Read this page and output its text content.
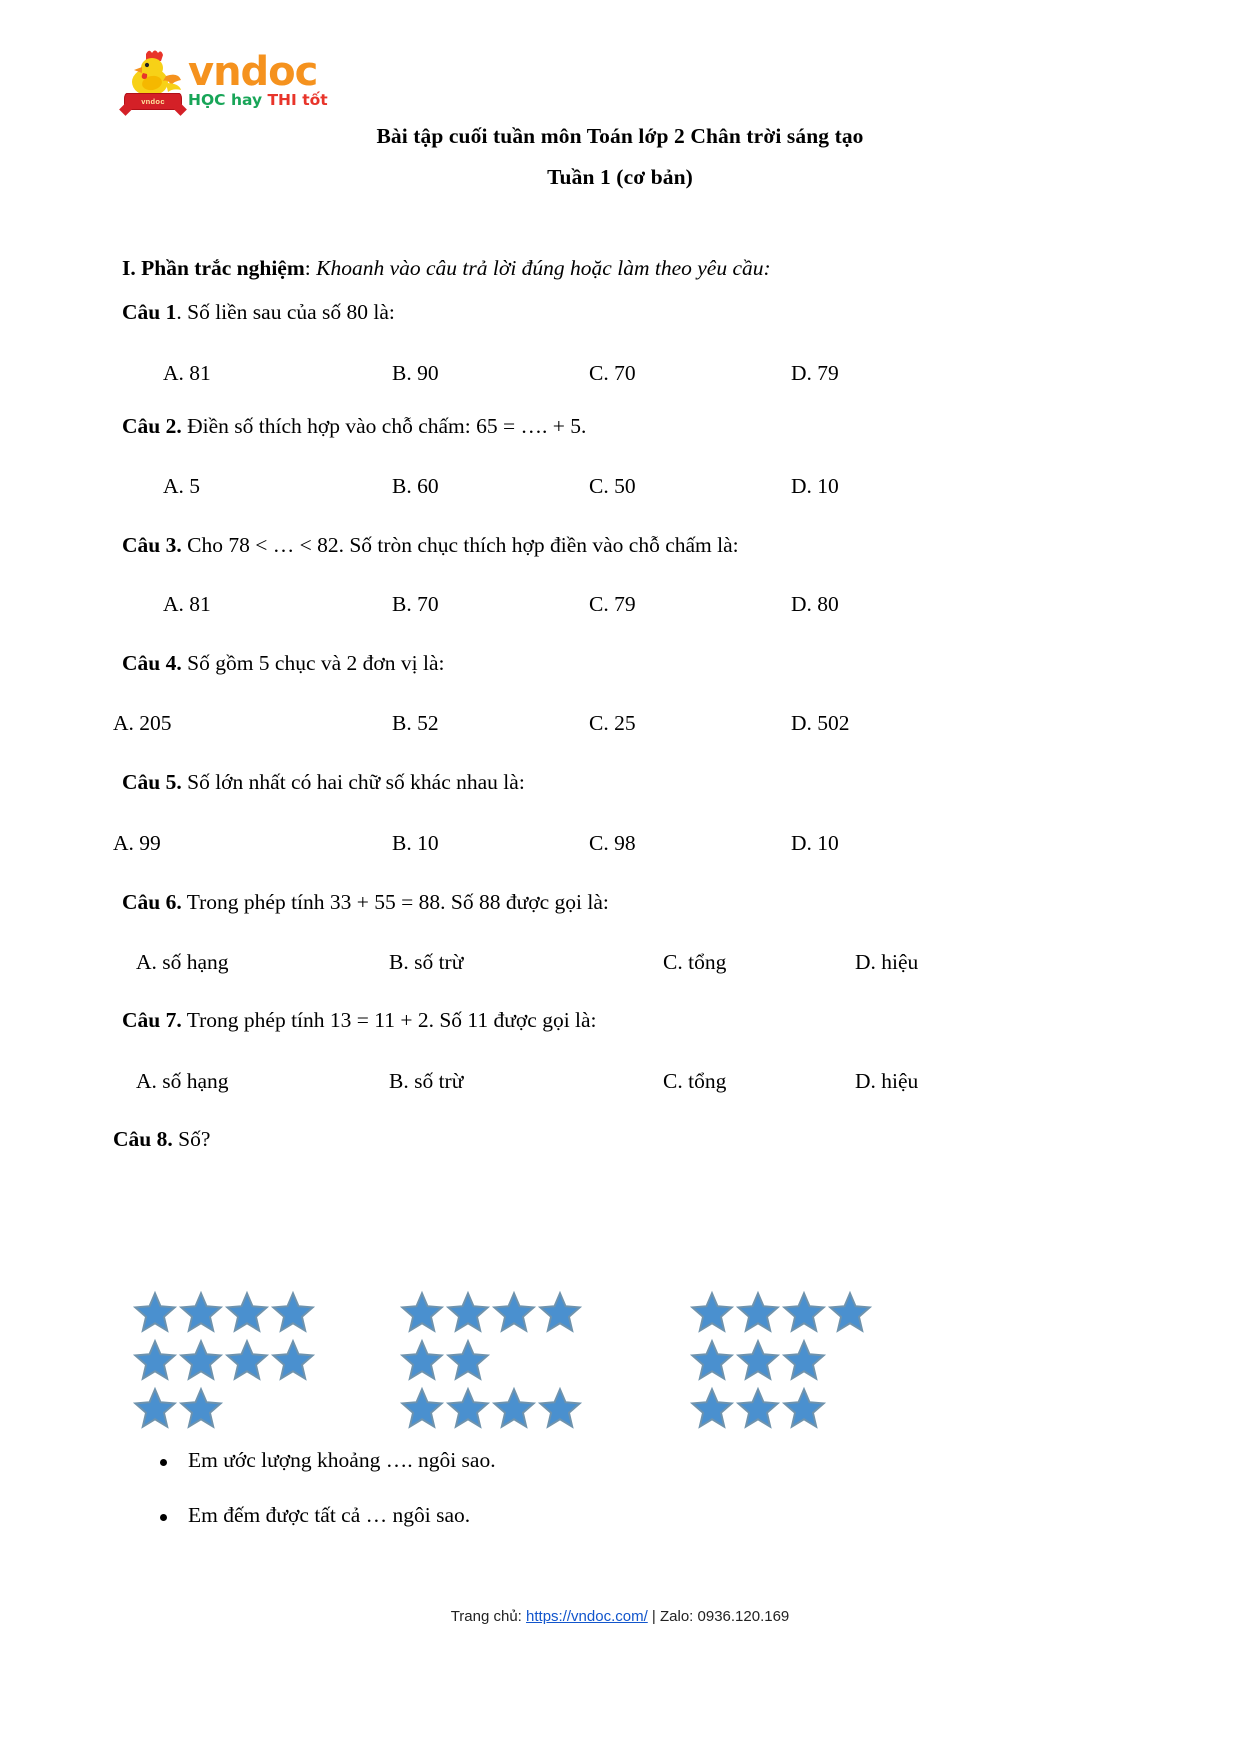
vndoc
vndoc
HỌC hay THI tốt
Bài tập cuối tuần môn Toán lớp 2 Chân trời sáng tạo
Tuần 1 (cơ bản)
I. Phần trắc nghiệm: Khoanh vào câu trả lời đúng hoặc làm theo yêu cầu:
Câu 1. Số liền sau của số 80 là:
A. 81	B. 90	C. 70	D. 79
Câu 2. Điền số thích hợp vào chỗ chấm: 65 = …. + 5.
A. 5	B. 60	C. 50	D. 10
Câu 3. Cho 78 < … < 82. Số tròn chục thích hợp điền vào chỗ chấm là:
A. 81	B. 70	C. 79	D. 80
Câu 4. Số gồm 5 chục và 2 đơn vị là:
A. 205	B. 52	C. 25	D. 502
Câu 5. Số lớn nhất có hai chữ số khác nhau là:
A. 99	B. 10	C. 98	D. 10
Câu 6. Trong phép tính 33 + 55 = 88. Số 88 được gọi là:
A. số hạng	B. số trừ	C. tổng	D. hiệu
Câu 7. Trong phép tính 13 = 11 + 2. Số 11 được gọi là:
A. số hạng	B. số trừ	C. tổng	D. hiệu
Câu 8. Số?
Em ước lượng khoảng …. ngôi sao.
Em đếm được tất cả … ngôi sao.
Trang chủ: https://vndoc.com/ | Zalo: 0936.120.169
